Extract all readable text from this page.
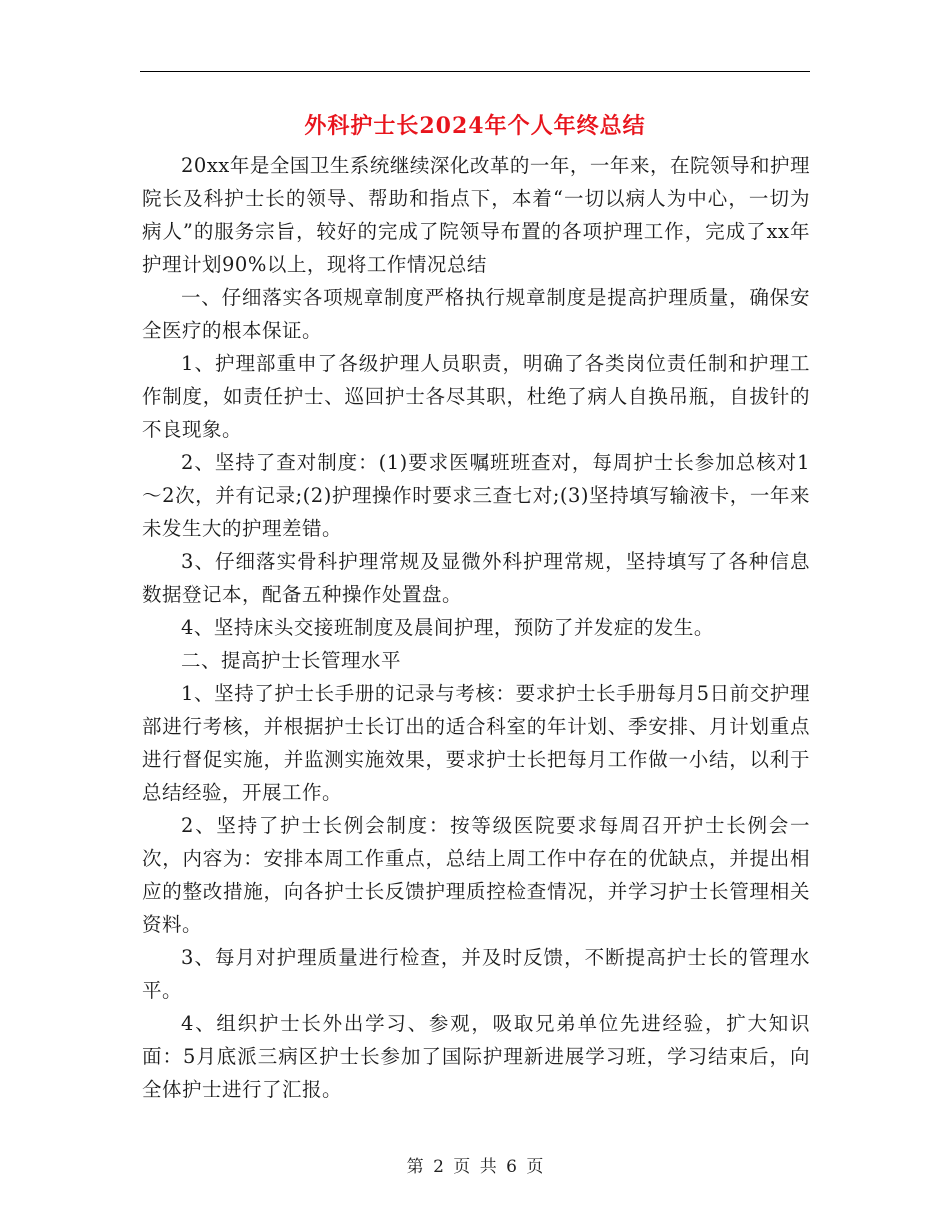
外科护士长2024年个人年终总结

20xx年是全国卫生系统继续深化改革的一年，一年来，在院领导和护理院长及科护士长的领导、帮助和指点下，本着“一切以病人为中心，一切为病人”的服务宗旨，较好的完成了院领导布置的各项护理工作，完成了xx年护理计划90%以上，现将工作情况总结

一、仔细落实各项规章制度严格执行规章制度是提高护理质量，确保安全医疗的根本保证。

1、护理部重申了各级护理人员职责，明确了各类岗位责任制和护理工作制度，如责任护士、巡回护士各尽其职，杜绝了病人自换吊瓶，自拔针的不良现象。

2、坚持了查对制度：(1)要求医嘱班班查对，每周护士长参加总核对1～2次，并有记录;(2)护理操作时要求三查七对;(3)坚持填写输液卡，一年来未发生大的护理差错。

3、仔细落实骨科护理常规及显微外科护理常规，坚持填写了各种信息数据登记本，配备五种操作处置盘。

4、坚持床头交接班制度及晨间护理，预防了并发症的发生。

二、提高护士长管理水平

1、坚持了护士长手册的记录与考核：要求护士长手册每月5日前交护理部进行考核，并根据护士长订出的适合科室的年计划、季安排、月计划重点进行督促实施，并监测实施效果，要求护士长把每月工作做一小结，以利于总结经验，开展工作。

2、坚持了护士长例会制度：按等级医院要求每周召开护士长例会一次，内容为：安排本周工作重点，总结上周工作中存在的优缺点，并提出相应的整改措施，向各护士长反馈护理质控检查情况，并学习护士长管理相关资料。

3、每月对护理质量进行检查，并及时反馈，不断提高护士长的管理水平。

4、组织护士长外出学习、参观，吸取兄弟单位先进经验，扩大知识面：5月底派三病区护士长参加了国际护理新进展学习班，学习结束后，向全体护士进行了汇报。

第 2 页 共 6 页
